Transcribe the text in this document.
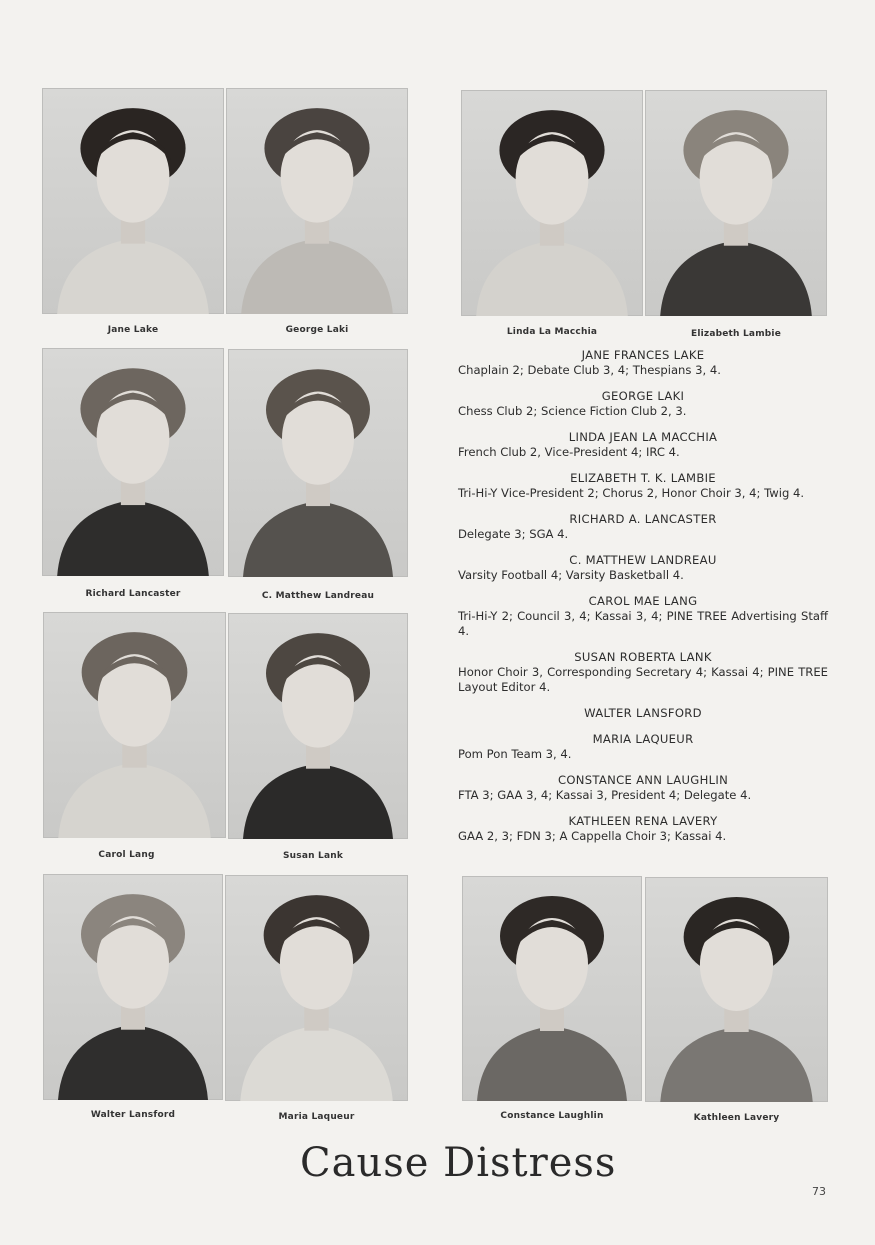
Jane Lake	George Laki	Linda La Macchia	Elizabeth Lambie
Richard Lancaster	C. Matthew Landreau
Carol Lang	Susan Lank
Walter Lansford	Maria Laqueur	Constance Laughlin	Kathleen Lavery
JANE FRANCES LAKE
Chaplain 2; Debate Club 3, 4; Thespians 3, 4.
GEORGE LAKI
Chess Club 2; Science Fiction Club 2, 3.
LINDA JEAN LA MACCHIA
French Club 2, Vice-President 4; IRC 4.
ELIZABETH T. K. LAMBIE
Tri-Hi-Y Vice-President 2; Chorus 2, Honor Choir 3, 4; Twig 4.
RICHARD A. LANCASTER
Delegate 3; SGA 4.
C. MATTHEW LANDREAU
Varsity Football 4; Varsity Basketball 4.
CAROL MAE LANG
Tri-Hi-Y 2; Council 3, 4; Kassai 3, 4; PINE TREE Advertising Staff 4.
SUSAN ROBERTA LANK
Honor Choir 3, Corresponding Secretary 4; Kassai 4; PINE TREE Layout Editor 4.
WALTER LANSFORD
MARIA LAQUEUR
Pom Pon Team 3, 4.
CONSTANCE ANN LAUGHLIN
FTA 3; GAA 3, 4; Kassai 3, President 4; Delegate 4.
KATHLEEN RENA LAVERY
GAA 2, 3; FDN 3; A Cappella Choir 3; Kassai 4.
Cause Distress
73
